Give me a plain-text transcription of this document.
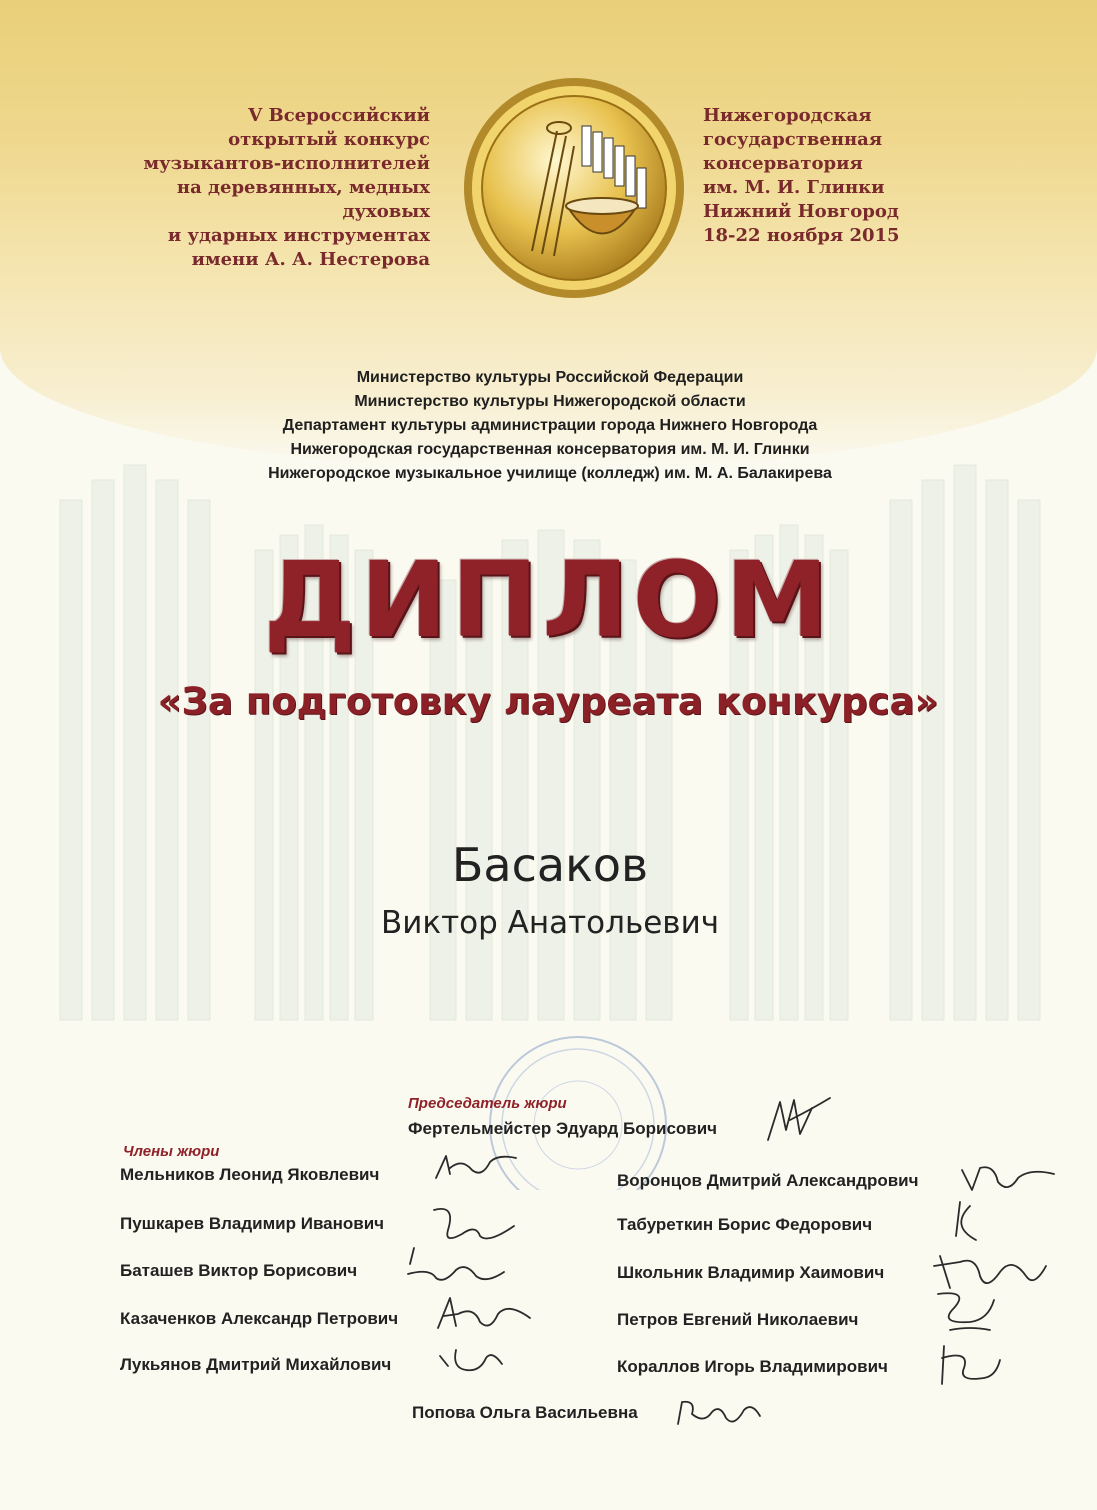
V Всероссийский
открытый конкурс
музыкантов-исполнителей
на деревянных, медных духовых
и ударных инструментах
имени А. А. Нестерова
Нижегородская
государственная
консерватория
им. М. И. Глинки
Нижний Новгород
18-22 ноября 2015
Министерство культуры Российской Федерации
Министерство культуры Нижегородской области
Департамент культуры администрации города Нижнего Новгорода
Нижегородская государственная консерватория им. М. И. Глинки
Нижегородское музыкальное училище (колледж) им. М. А. Балакирева
ДИПЛОМ
«За подготовку лауреата конкурса»
Басаков
Виктор Анатольевич
Председатель жюри
Фертельмейстер Эдуард Борисович
Члены жюри
Мельников Леонид Яковлевич
Пушкарев Владимир Иванович
Баташев Виктор Борисович
Казаченков Александр Петрович
Лукьянов Дмитрий Михайлович
Воронцов Дмитрий Александрович
Табуреткин Борис Федорович
Школьник Владимир Хаимович
Петров Евгений Николаевич
Кораллов Игорь Владимирович
Попова Ольга Васильевна
